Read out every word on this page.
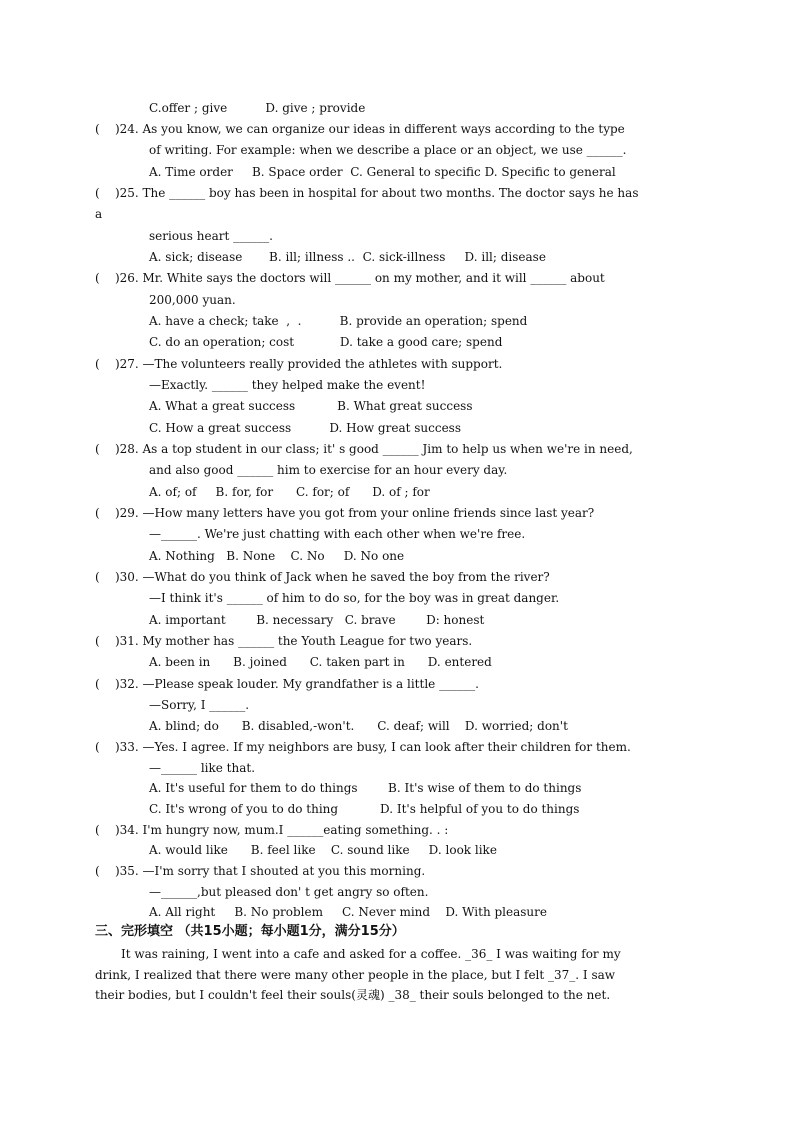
C.offer ; give          D. give ; provide
(    )24. As you know, we can organize our ideas in different ways according to the type
of writing. For example: when we describe a place or an object, we use ______.
A. Time order     B. Space order  C. General to specific D. Specific to general
(    )25. The ______ boy has been in hospital for about two months. The doctor says he has
a
serious heart ______.
A. sick; disease       B. ill; illness ..  C. sick-illness     D. ill; disease
(    )26. Mr. White says the doctors will ______ on my mother, and it will ______ about
200,000 yuan.
A. have a check; take  ,  .          B. provide an operation; spend
C. do an operation; cost            D. take a good care; spend
(    )27. —The volunteers really provided the athletes with support.
—Exactly. ______ they helped make the event!
A. What a great success           B. What great success
C. How a great success          D. How great success
(    )28. As a top student in our class; it' s good ______ Jim to help us when we're in need,
and also good ______ him to exercise for an hour every day.
A. of; of     B. for, for      C. for; of      D. of ; for
(    )29. —How many letters have you got from your online friends since last year?
—______. We're just chatting with each other when we're free.
A. Nothing   B. None    C. No     D. No one
(    )30. —What do you think of Jack when he saved the boy from the river?
—I think it's ______ of him to do so, for the boy was in great danger.
A. important        B. necessary   C. brave        D: honest
(    )31. My mother has ______ the Youth League for two years.
A. been in      B. joined      C. taken part in      D. entered
(    )32. —Please speak louder. My grandfather is a little ______.
—Sorry, I ______.
A. blind; do      B. disabled,-won't.      C. deaf; will    D. worried; don't
(    )33. —Yes. I agree. If my neighbors are busy, I can look after their children for them.
—______ like that.
A. It's useful for them to do things        B. It's wise of them to do things
C. It's wrong of you to do thing           D. It's helpful of you to do things
(    )34. I'm hungry now, mum.I ______eating something. . :
A. would like      B. feel like    C. sound like     D. look like
(    )35. —I'm sorry that I shouted at you this morning.
—______,but pleased don' t get angry so often.
A. All right     B. No problem     C. Never mind    D. With pleasure
三、完形填空 （共15小题；每小题1分，满分15分）
It was raining, I went into a cafe and asked for a coffee. _36_ I was waiting for my
drink, I realized that there were many other people in the place, but I felt _37_. I saw
their bodies, but I couldn't feel their souls(灵魂) _38_ their souls belonged to the net.
